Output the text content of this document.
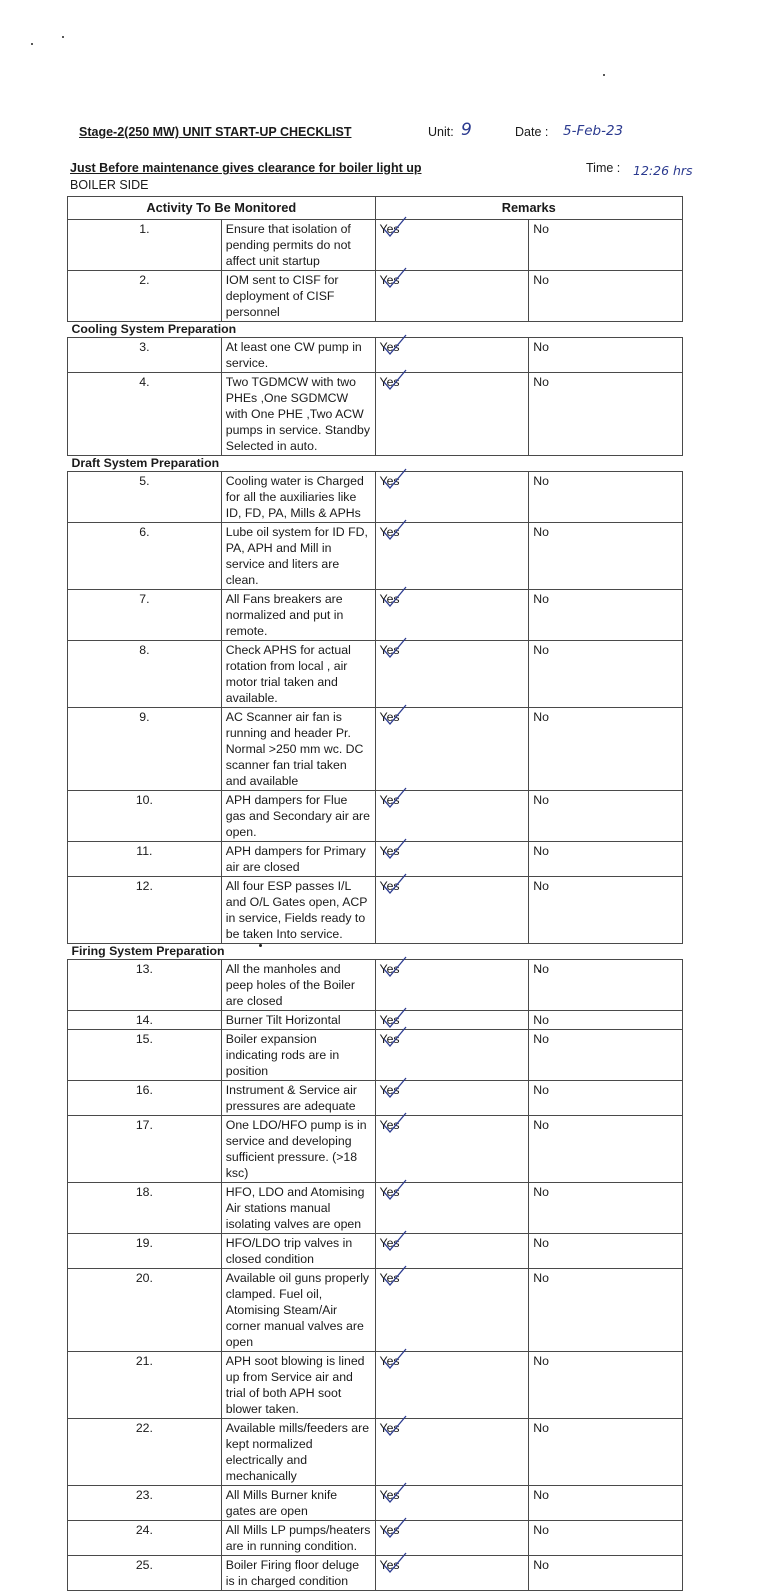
Stage-2(250 MW) UNIT START-UP CHECKLIST	Unit: 9	Date : 5-Feb-23
Just Before maintenance gives clearance for boiler light up	Time : 12:26 hrs
BOILER SIDE
Activity To Be Monitored		Remarks	
1.	Ensure that isolation of pending permits do not affect unit startup	Yes	No
2.	IOM sent to CISF for deployment of CISF personnel	Yes	No
Cooling System Preparation			
3.	At least one CW pump in service.	Yes	No
4.	Two TGDMCW with two PHEs ,One SGDMCW with One PHE ,Two ACW pumps in service. Standby Selected in auto.	Yes	No
Draft System Preparation			
5.	Cooling water is Charged for all the auxiliaries like ID, FD, PA, Mills & APHs	Yes	No
6.	Lube oil system for ID FD, PA, APH and Mill in service and liters are clean.	Yes	No
7.	All Fans breakers are normalized and put in remote.	Yes	No
8.	Check APHS for actual rotation from local , air motor trial taken and available.	Yes	No
9.	AC Scanner air fan is running and header Pr. Normal >250 mm wc. DC scanner fan trial taken and available	Yes	No
10.	APH dampers for Flue gas and Secondary air are open.	Yes	No
11.	APH dampers for Primary air are closed	Yes	No
12.	All four ESP passes I/L and O/L Gates open, ACP in service, Fields ready to be taken Into service.	Yes	No
Firing System Preparation			
13.	All the manholes and peep holes of the Boiler are closed	Yes	No
14.	Burner Tilt Horizontal	Yes	No
15.	Boiler expansion indicating rods are in position	Yes	No
16.	Instrument & Service air pressures are adequate	Yes	No
17.	One LDO/HFO pump is in service and developing sufficient pressure. (>18 ksc)	Yes	No
18.	HFO, LDO and Atomising Air stations manual isolating valves are open	Yes	No
19.	HFO/LDO trip valves in closed condition	Yes	No
20.	Available oil guns properly clamped. Fuel oil, Atomising Steam/Air corner manual valves are open	Yes	No
21.	APH soot blowing is lined up from Service air and trial of both APH soot blower taken.	Yes	No
22.	Available mills/feeders are kept normalized electrically and mechanically	Yes	No
23.	All Mills Burner knife gates are open	Yes	No
24.	All Mills LP pumps/heaters are in running condition.	Yes	No
25.	Boiler Firing floor deluge is in charged condition	Yes	No
